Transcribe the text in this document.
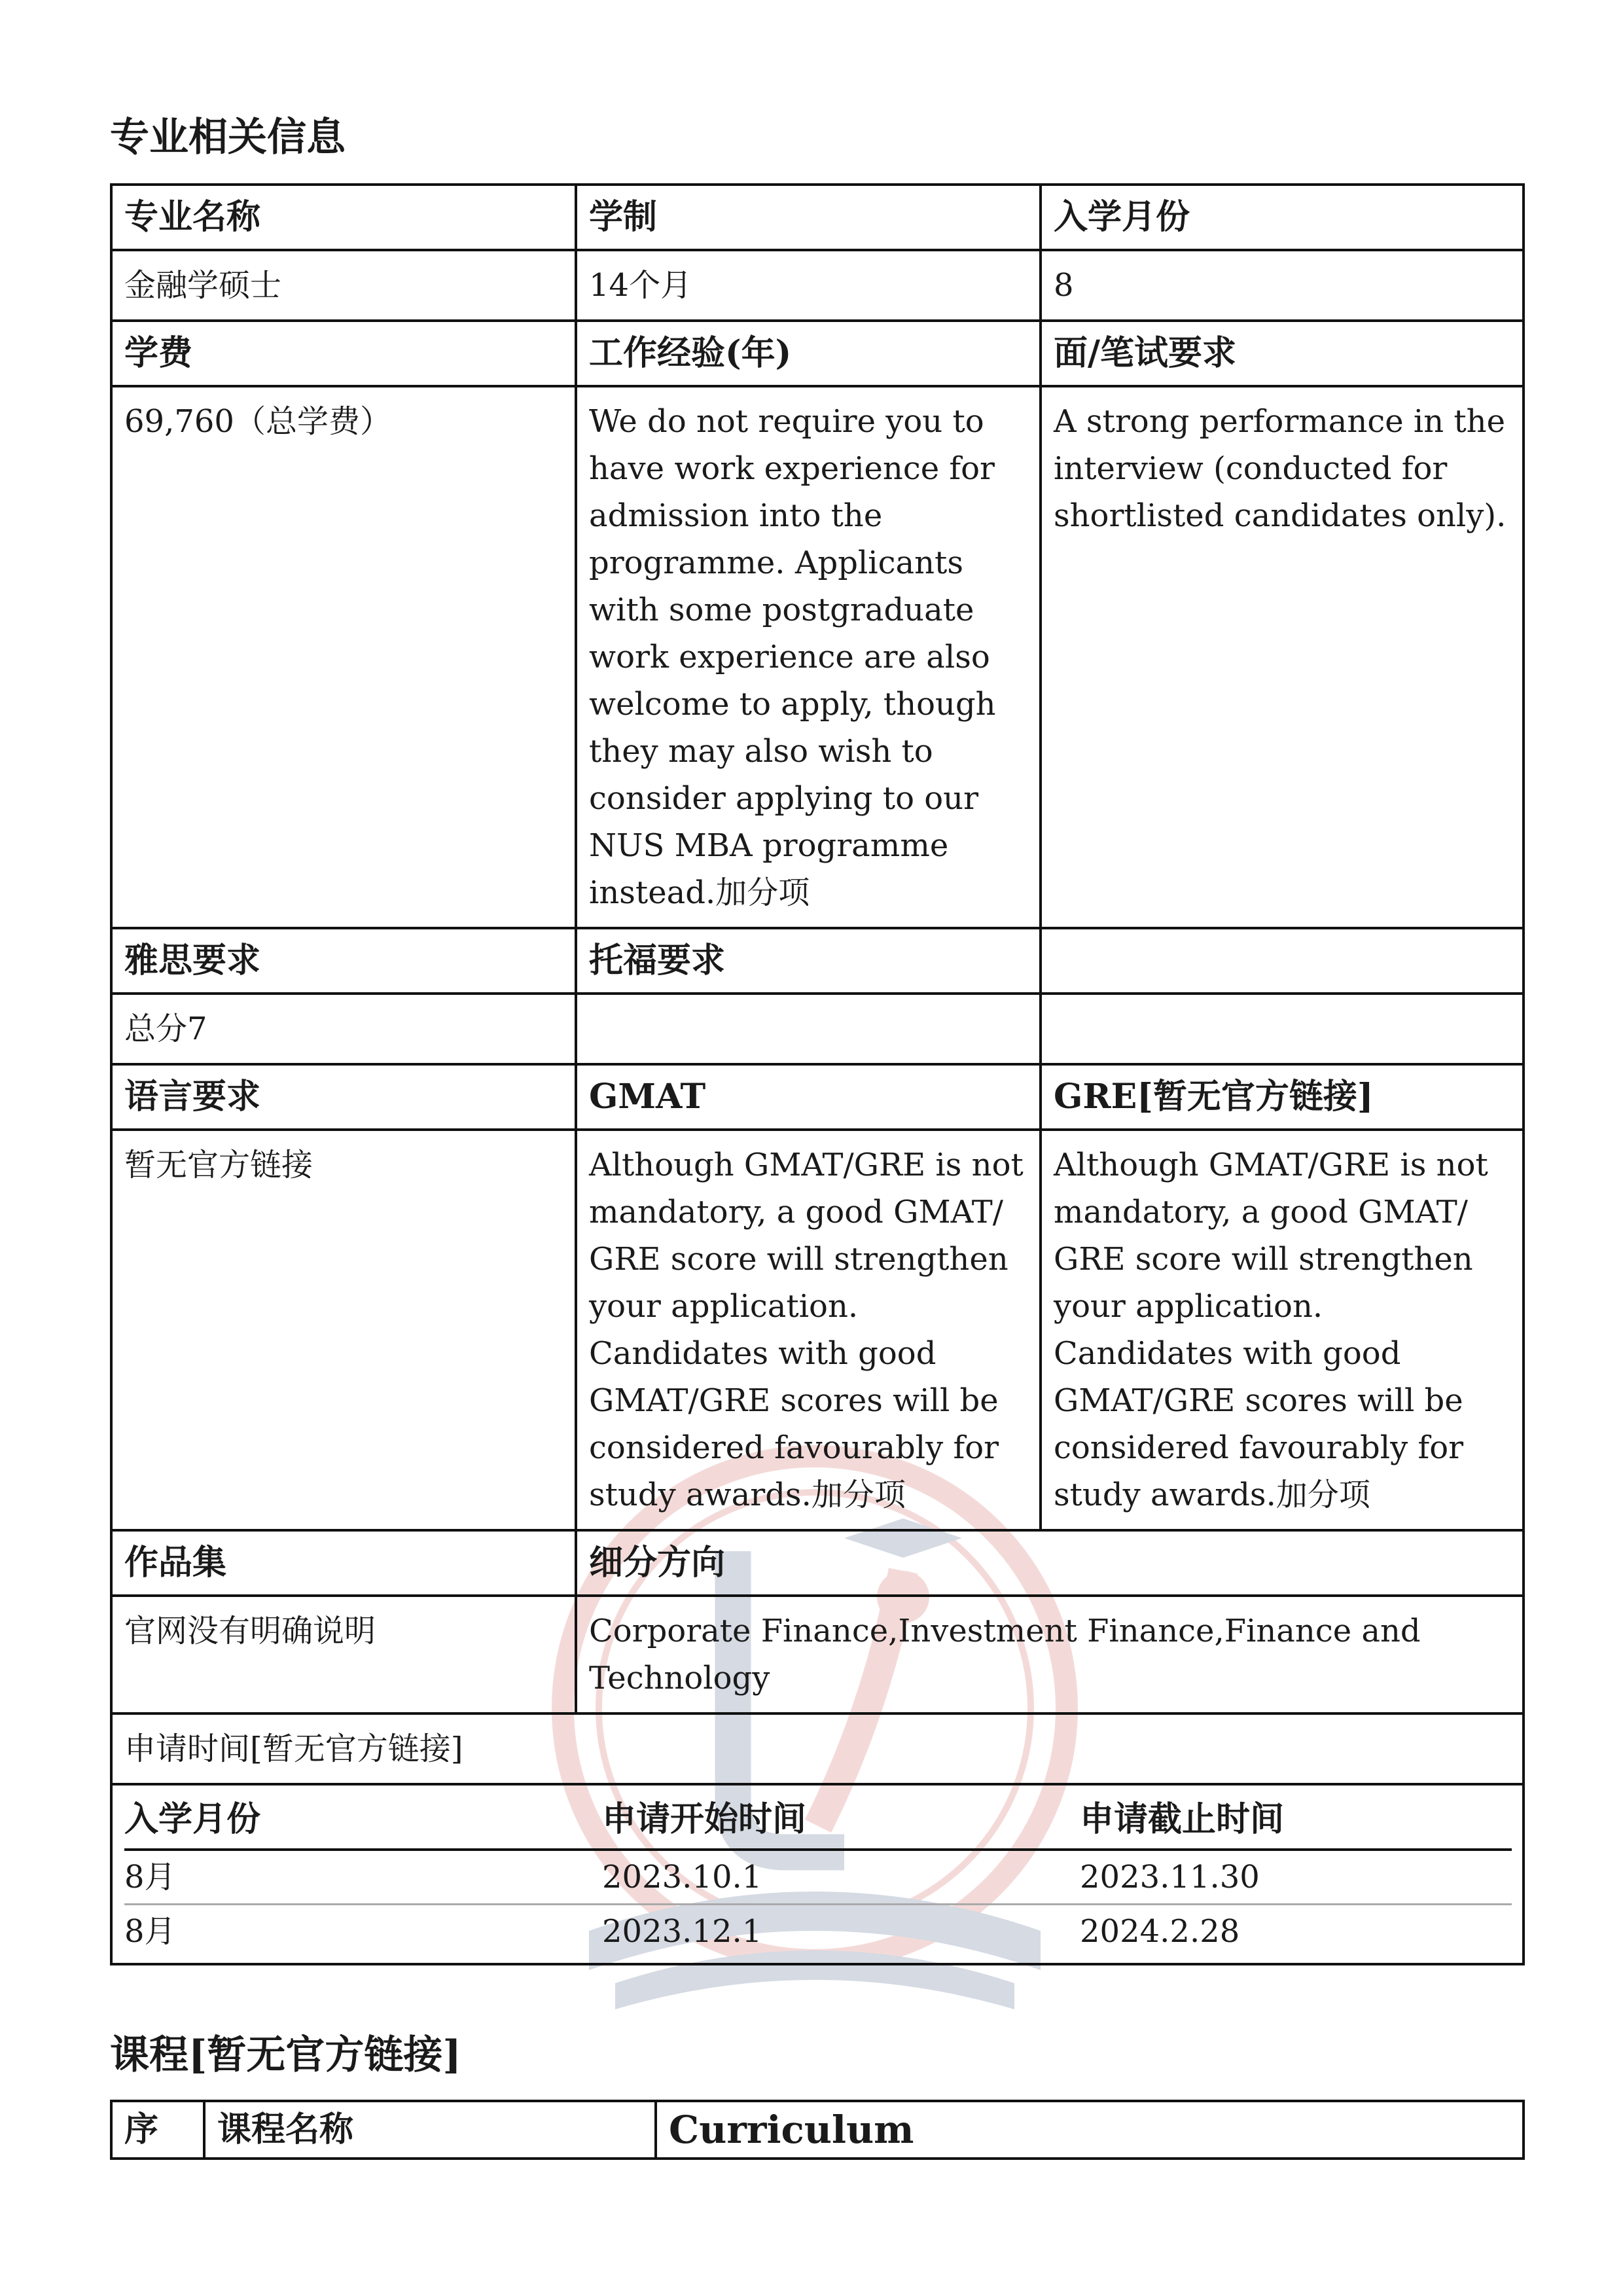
专业相关信息
专业名称	学制	入学月份
金融学硕士	14个月	8
学费	工作经验(年)	面/笔试要求
69,760（总学费）	We do not require you to have work experience for admission into the programme. Applicants with some postgraduate work experience are also welcome to apply, though they may also wish to consider applying to our NUS MBA programme instead.加分项	A strong performance in the interview (conducted for shortlisted candidates only).
雅思要求	托福要求	
总分7		
语言要求	GMAT	GRE[暂无官方链接]
暂无官方链接	Although GMAT/GRE is not mandatory, a good GMAT/ GRE score will strengthen your application. Candidates with good GMAT/GRE scores will be considered favourably for study awards.加分项	Although GMAT/GRE is not mandatory, a good GMAT/ GRE score will strengthen your application. Candidates with good GMAT/GRE scores will be considered favourably for study awards.加分项
作品集	细分方向
官网没有明确说明	Corporate Finance,Investment Finance,Finance and Technology
申请时间[暂无官方链接]

入学月份	申请开始时间	申请截止时间
8月	2023.10.1	2023.11.30
8月	2023.12.1	2024.2.28
课程[暂无官方链接]
序	课程名称	Curriculum
